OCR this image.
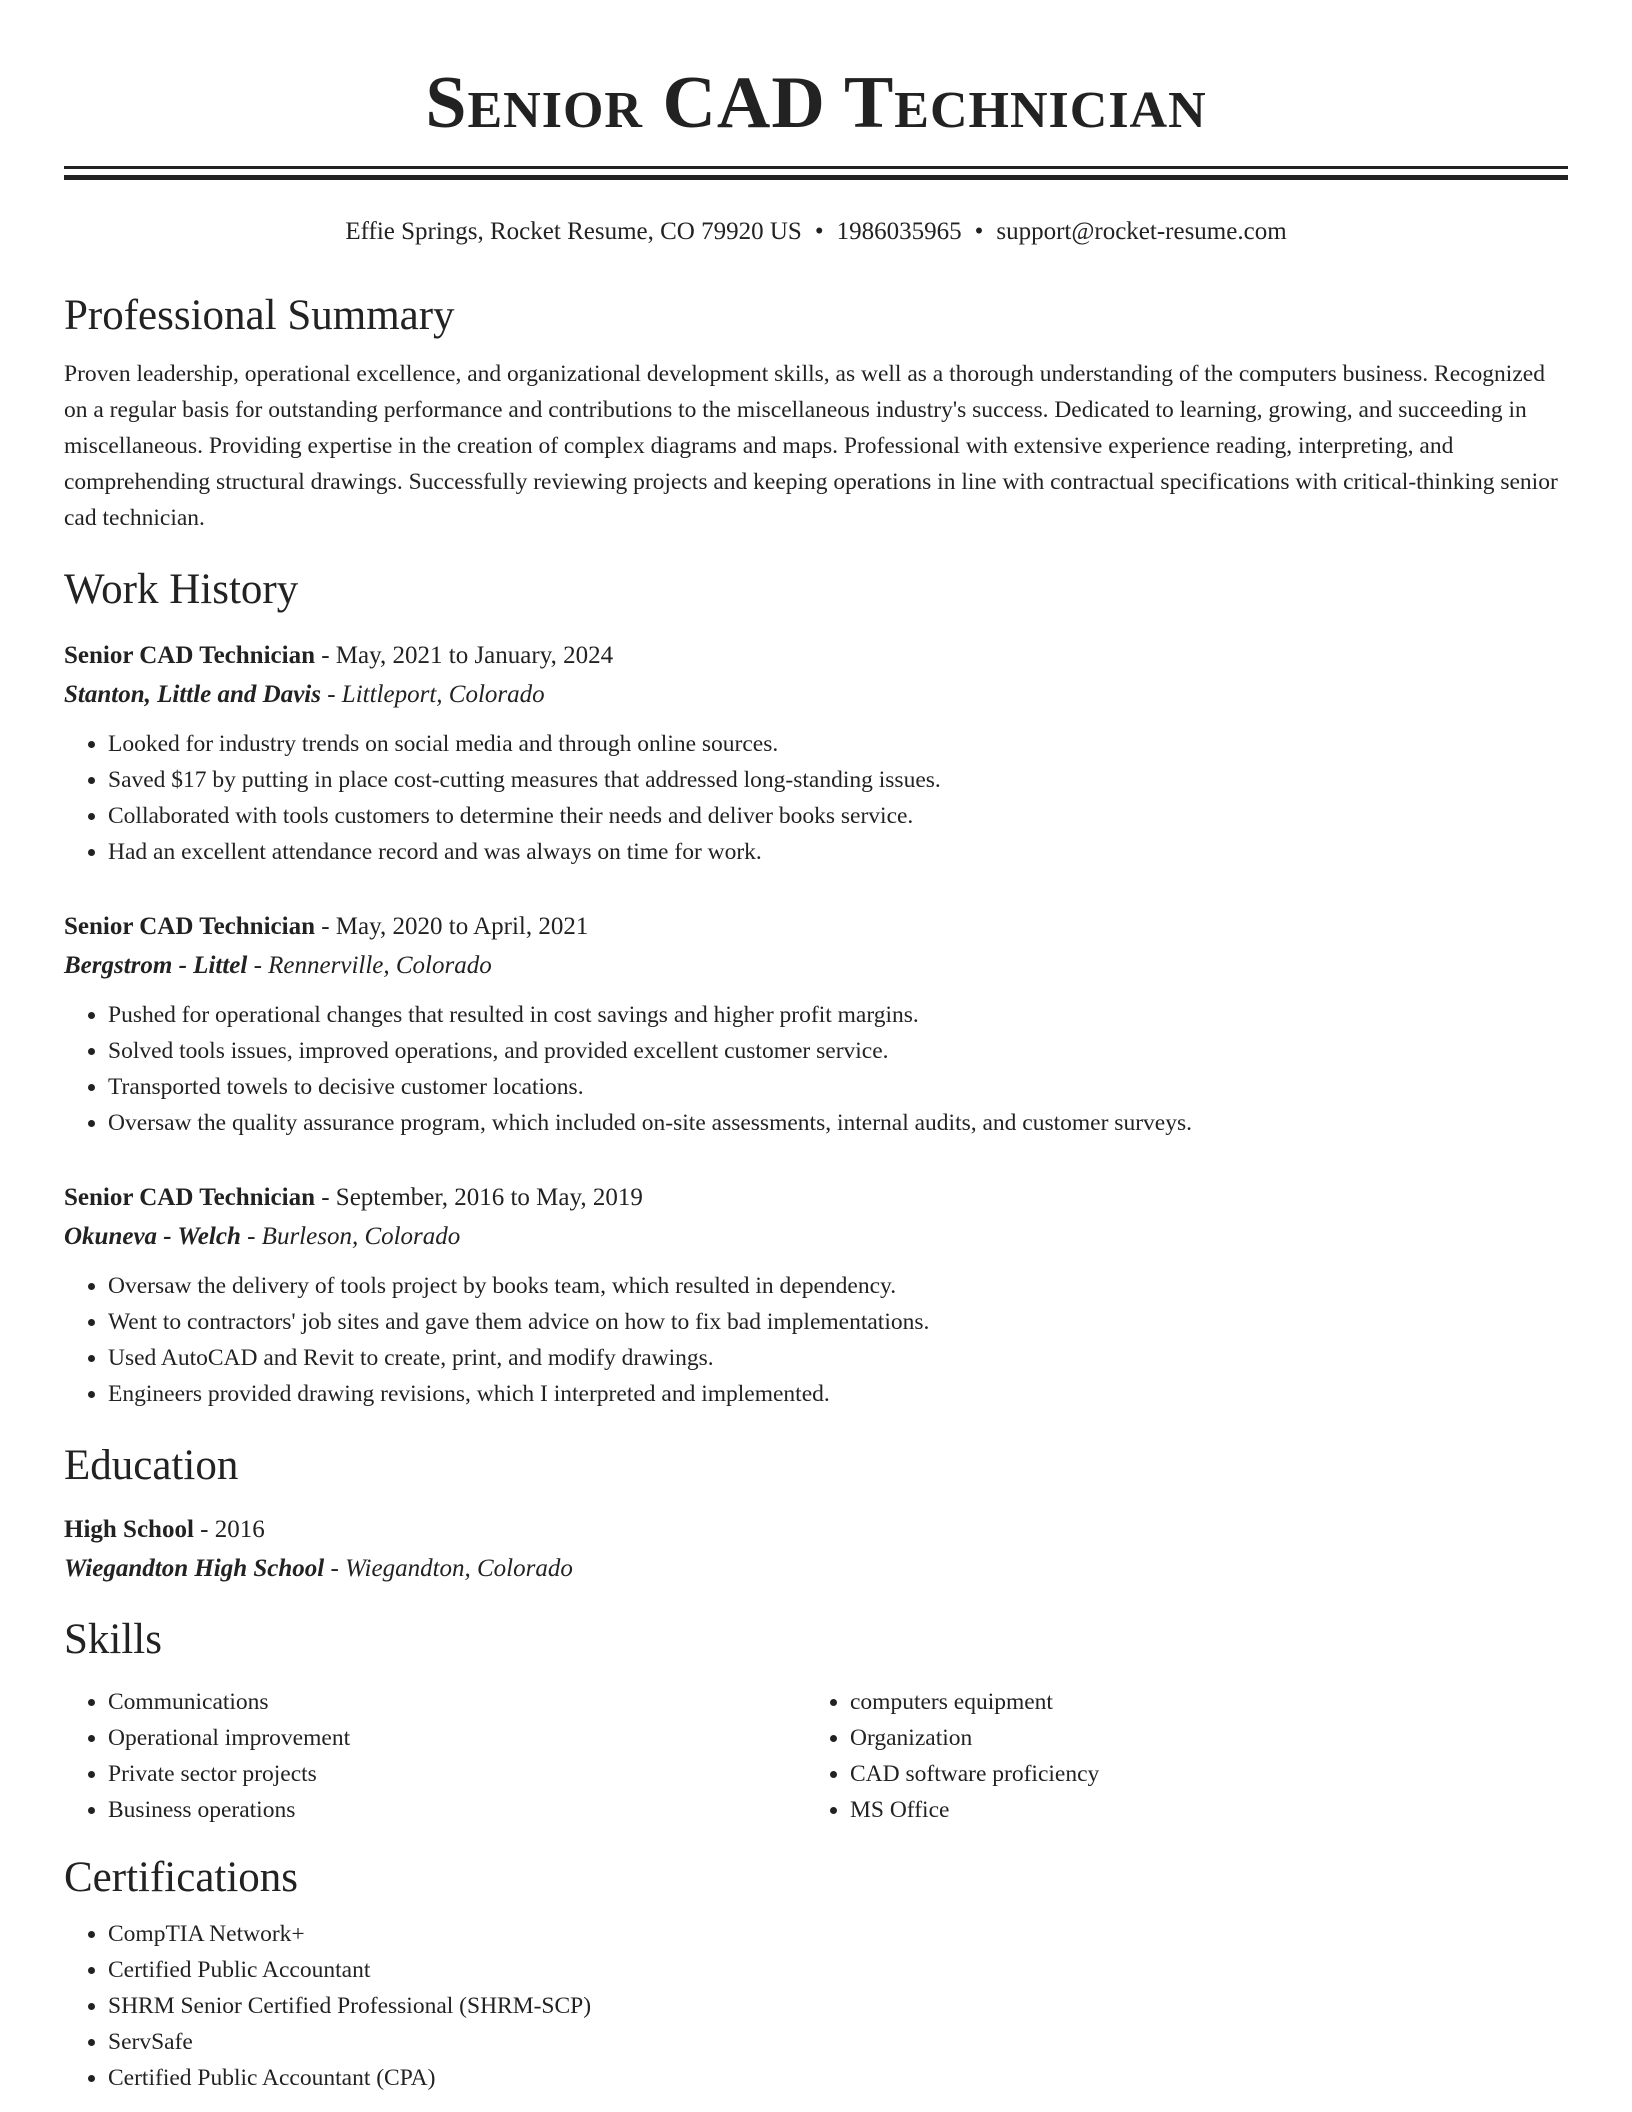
Senior CAD Technician
Effie Springs, Rocket Resume, CO 79920 US • 1986035965 • support@rocket-resume.com
Professional Summary
Proven leadership, operational excellence, and organizational development skills, as well as a thorough understanding of the computers business. Recognized on a regular basis for outstanding performance and contributions to the miscellaneous industry's success. Dedicated to learning, growing, and succeeding in miscellaneous. Providing expertise in the creation of complex diagrams and maps. Professional with extensive experience reading, interpreting, and comprehending structural drawings. Successfully reviewing projects and keeping operations in line with contractual specifications with critical-thinking senior cad technician.
Work History
Senior CAD Technician - May, 2021 to January, 2024
Stanton, Little and Davis - Littleport, Colorado
• Looked for industry trends on social media and through online sources.
• Saved $17 by putting in place cost-cutting measures that addressed long-standing issues.
• Collaborated with tools customers to determine their needs and deliver books service.
• Had an excellent attendance record and was always on time for work.
Senior CAD Technician - May, 2020 to April, 2021
Bergstrom - Littel - Rennerville, Colorado
• Pushed for operational changes that resulted in cost savings and higher profit margins.
• Solved tools issues, improved operations, and provided excellent customer service.
• Transported towels to decisive customer locations.
• Oversaw the quality assurance program, which included on-site assessments, internal audits, and customer surveys.
Senior CAD Technician - September, 2016 to May, 2019
Okuneva - Welch - Burleson, Colorado
• Oversaw the delivery of tools project by books team, which resulted in dependency.
• Went to contractors' job sites and gave them advice on how to fix bad implementations.
• Used AutoCAD and Revit to create, print, and modify drawings.
• Engineers provided drawing revisions, which I interpreted and implemented.
Education
High School - 2016
Wiegandton High School - Wiegandton, Colorado
Skills
• Communications
• Operational improvement
• Private sector projects
• Business operations
• computers equipment
• Organization
• CAD software proficiency
• MS Office
Certifications
• CompTIA Network+
• Certified Public Accountant
• SHRM Senior Certified Professional (SHRM-SCP)
• ServSafe
• Certified Public Accountant (CPA)
